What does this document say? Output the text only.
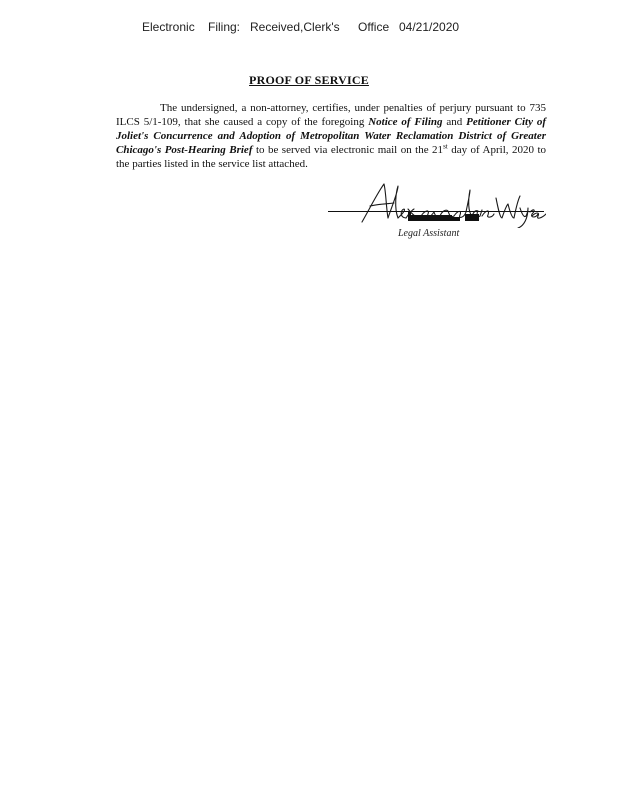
Electronic Filing: Received,Clerk's Office 04/21/2020
PROOF OF SERVICE
The undersigned, a non-attorney, certifies, under penalties of perjury pursuant to 735 ILCS 5/1-109, that she caused a copy of the foregoing Notice of Filing and Petitioner City of Joliet's Concurrence and Adoption of Metropolitan Water Reclamation District of Greater Chicago's Post-Hearing Brief to be served via electronic mail on the 21st day of April, 2020 to the parties listed in the service list attached.
Legal Assistant
